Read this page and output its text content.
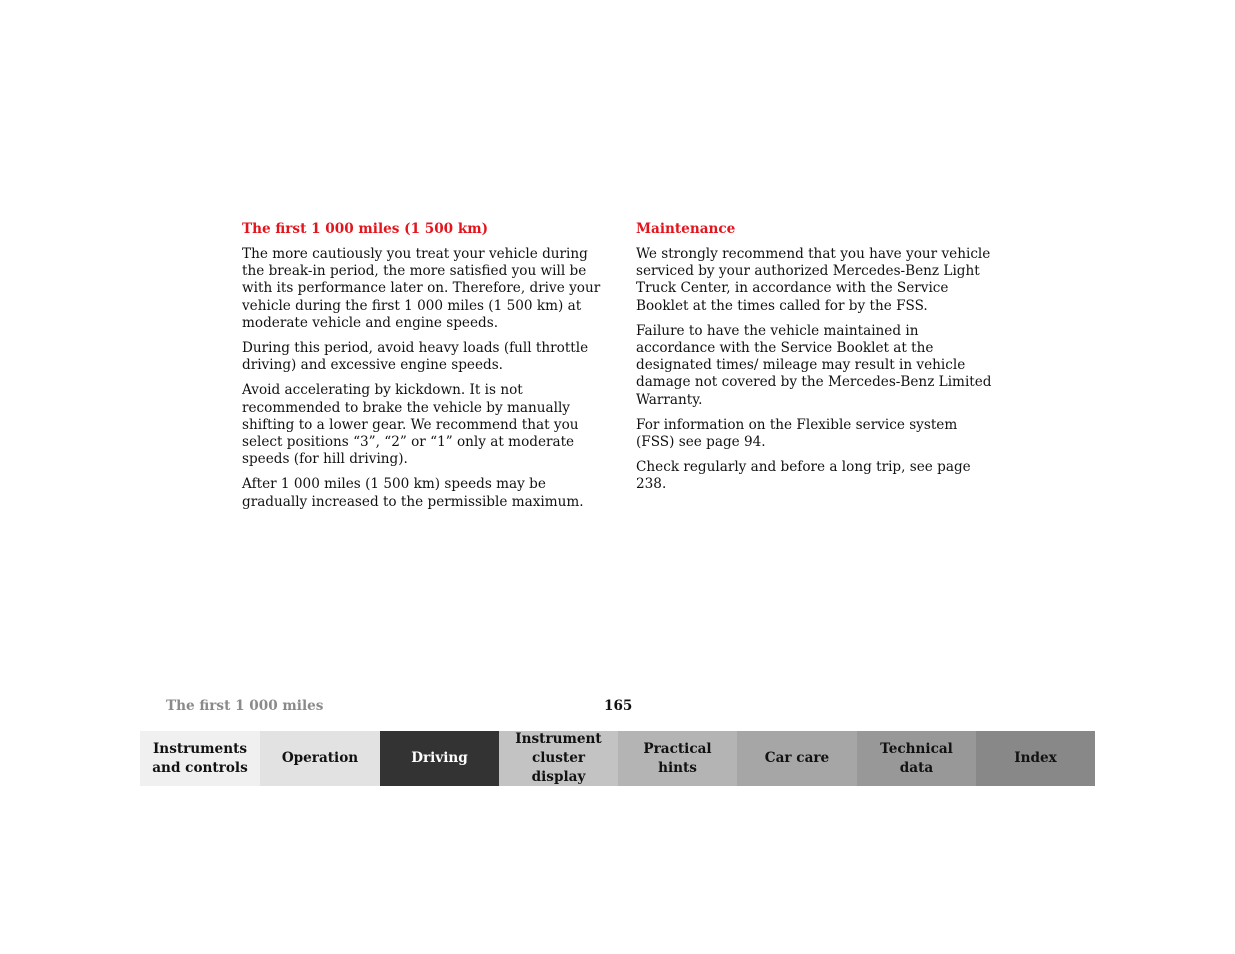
The first 1 000 miles (1 500 km)

The more cautiously you treat your vehicle during the break-in period, the more satisfied you will be with its performance later on. Therefore, drive your vehicle during the first 1 000 miles (1 500 km) at moderate vehicle and engine speeds.

During this period, avoid heavy loads (full throttle driving) and excessive engine speeds.

Avoid accelerating by kickdown. It is not recommended to brake the vehicle by manually shifting to a lower gear. We recommend that you select positions “3”, “2” or “1” only at moderate speeds (for hill driving).

After 1 000 miles (1 500 km) speeds may be gradually increased to the permissible maximum.

Maintenance

We strongly recommend that you have your vehicle serviced by your authorized Mercedes-Benz Light Truck Center, in accordance with the Service Booklet at the times called for by the FSS.

Failure to have the vehicle maintained in accordance with the Service Booklet at the designated times/ mileage may result in vehicle damage not covered by the Mercedes-Benz Limited Warranty.

For information on the Flexible service system (FSS) see page 94.

Check regularly and before a long trip, see page 238.

The first 1 000 miles	165
Instruments
and controls
Operation	Driving
Instrument
cluster display
Practical hints
Car care
Technical
data
Index
